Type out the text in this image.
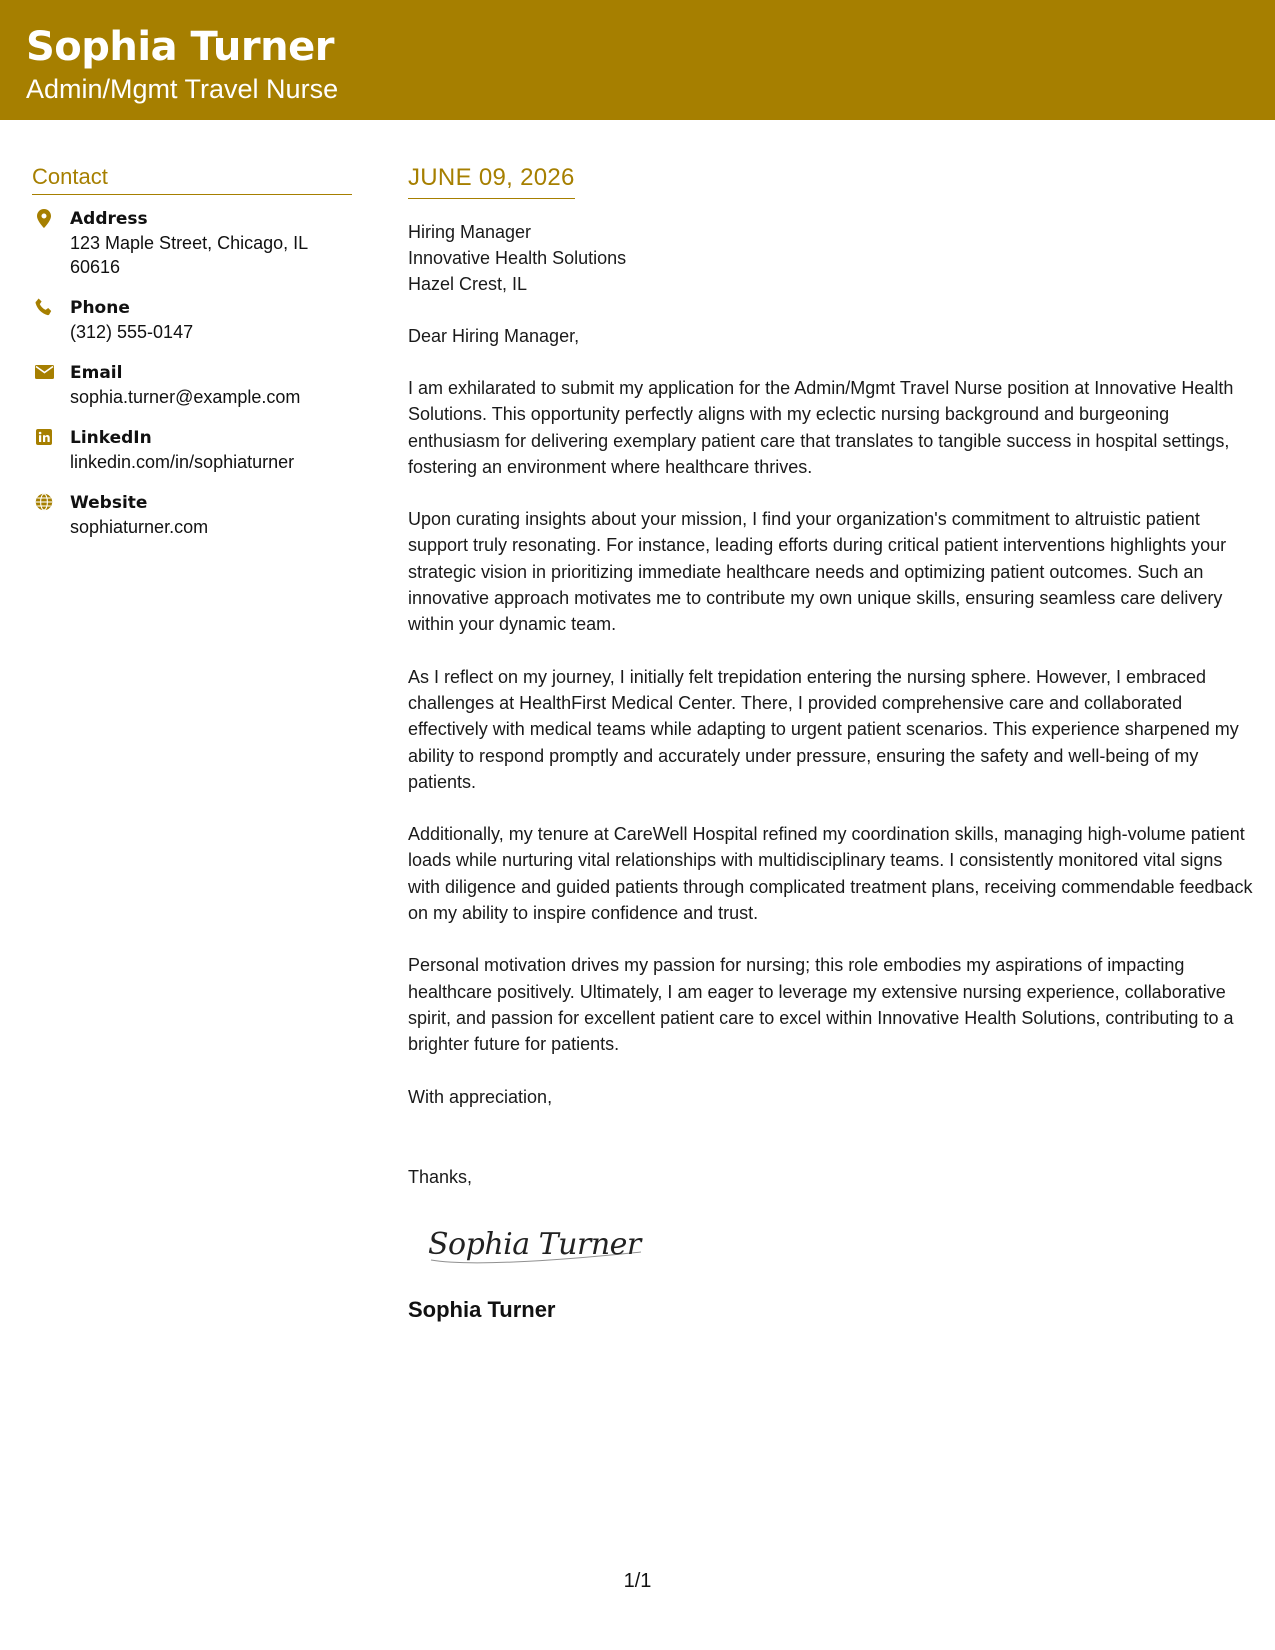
Sophia Turner
Admin/Mgmt Travel Nurse
Contact
Address
123 Maple Street, Chicago, IL 60616
Phone
(312) 555-0147
Email
sophia.turner@example.com
LinkedIn
linkedin.com/in/sophiaturner
Website
sophiaturner.com
JUNE 09, 2026
Hiring Manager
Innovative Health Solutions
Hazel Crest, IL
Dear Hiring Manager,

I am exhilarated to submit my application for the Admin/Mgmt Travel Nurse position at Innovative Health Solutions. This opportunity perfectly aligns with my eclectic nursing background and burgeoning enthusiasm for delivering exemplary patient care that translates to tangible success in hospital settings, fostering an environment where healthcare thrives.

Upon curating insights about your mission, I find your organization's commitment to altruistic patient support truly resonating. For instance, leading efforts during critical patient interventions highlights your strategic vision in prioritizing immediate healthcare needs and optimizing patient outcomes. Such an innovative approach motivates me to contribute my own unique skills, ensuring seamless care delivery within your dynamic team.

As I reflect on my journey, I initially felt trepidation entering the nursing sphere. However, I embraced challenges at HealthFirst Medical Center. There, I provided comprehensive care and collaborated effectively with medical teams while adapting to urgent patient scenarios. This experience sharpened my ability to respond promptly and accurately under pressure, ensuring the safety and well-being of my patients.

Additionally, my tenure at CareWell Hospital refined my coordination skills, managing high-volume patient loads while nurturing vital relationships with multidisciplinary teams. I consistently monitored vital signs with diligence and guided patients through complicated treatment plans, receiving commendable feedback on my ability to inspire confidence and trust.

Personal motivation drives my passion for nursing; this role embodies my aspirations of impacting healthcare positively. Ultimately, I am eager to leverage my extensive nursing experience, collaborative spirit, and passion for excellent patient care to excel within Innovative Health Solutions, contributing to a brighter future for patients.

With appreciation,
Thanks,
Sophia Turner
Sophia Turner
1/1
